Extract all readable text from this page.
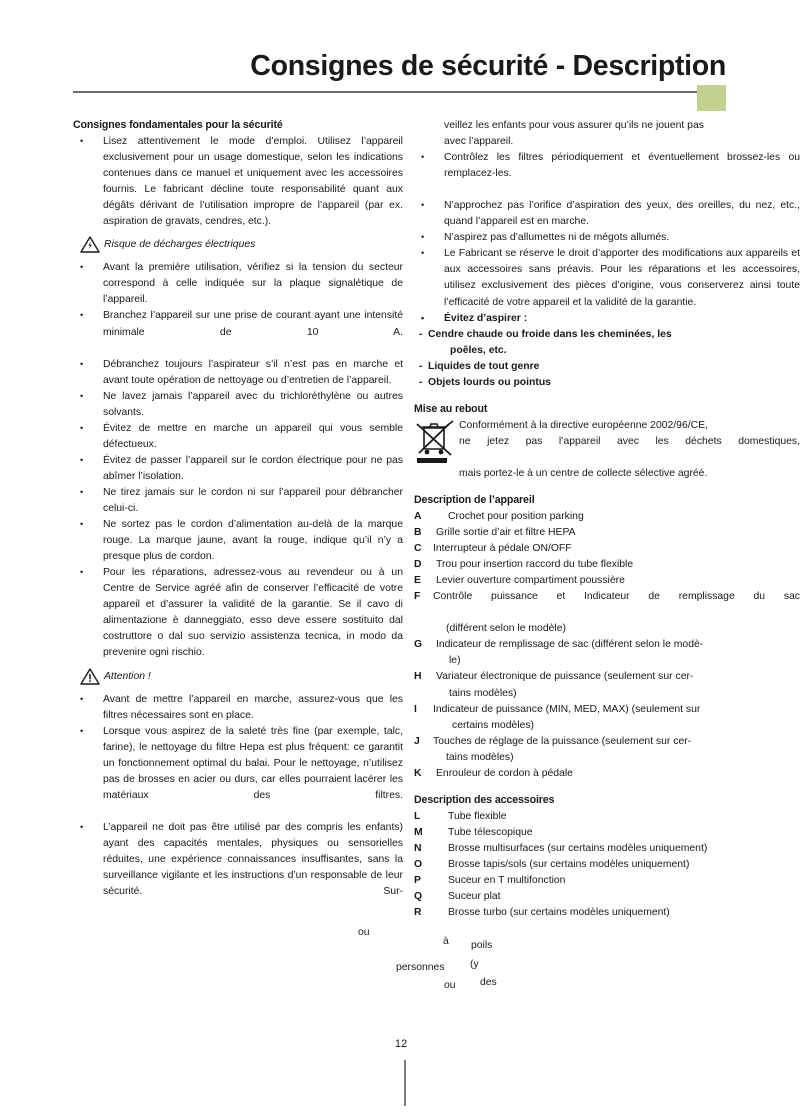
Consignes de sécurité - Description
Consignes fondamentales pour la sécurité
• Lisez attentivement le mode d’emploi. Utilisez l’appareil exclusivement pour un usage domestique, selon les indications contenues dans ce manuel et uniquement avec les accessoires fournis. Le fabricant décline toute responsabilité quant aux dégâts dérivant de l’utilisation impropre de l’appareil (par ex. aspiration de gravats, cendres, etc.).
Risque de décharges électriques
• Avant la première utilisation, vérifiez si la tension du secteur correspond à celle indiquée sur la plaque signalétique de l’appareil.
• Branchez l’appareil sur une prise de courant ayant une intensité minimale de 10 A.
• Débranchez toujours l’aspirateur s’il n’est pas en marche et avant toute opération de nettoyage ou d’entretien de l’appareil.
• Ne lavez jamais l’appareil avec du trichloréthylène ou autres solvants.
• Évitez de mettre en marche un appareil qui vous semble défectueux.
• Évitez de passer l’appareil sur le cordon électrique pour ne pas abîmer l’isolation.
• Ne tirez jamais sur le cordon ni sur l’appareil pour débrancher celui-ci.
• Ne sortez pas le cordon d’alimentation au-delà de la marque rouge. La marque jaune, avant la rouge, indique qu’il n’y a presque plus de cordon.
• Pour les réparations, adressez-vous au revendeur ou à un Centre de Service agréé afin de conserver l’efficacité de votre appareil et d’assurer la validité de la garantie. Se il cavo di alimentazione è danneggiato, esso deve essere sostituito dal costruttore o dal suo servizio assistenza tecnica, in modo da prevenire ogni rischio.
Attention !
• Avant de mettre l’appareil en marche, assurez-vous que les filtres nécessaires sont en place.
• Lorsque vous aspirez de la saleté très fine (par exemple, talc, farine), le nettoyage du filtre Hepa est plus fréquent: ce garantit un fonctionnement optimal du balai. Pour le nettoyage, n’utilisez pas de brosses en acier ou durs, car elles pourraient lacérer les matériaux des filtres.
• L’appareil ne doit pas être utilisé par des compris les enfants) ayant des capacités mentales, physiques ou sensorielles réduites, une expérience connaissances insuffisantes, sans la surveillance vigilante et les instructions d’un responsable de leur sécurité. Sur-
veillez les enfants pour vous assurer qu’ils ne jouent pas
avec l’appareil.
• Contrôlez les filtres périodiquement et éventuellement brossez-les ou remplacez-les.
• N’approchez pas l’orifice d’aspiration des yeux, des oreilles, du nez, etc., quand l’appareil est en marche.
• N’aspirez pas d’allumettes ni de mégots allumés.
• Le Fabricant se réserve le droit d’apporter des modifications aux appareils et aux accessoires sans préavis. Pour les réparations et les accessoires, utilisez exclusivement des pièces d’origine, vous conserverez ainsi toute l’efficacité de votre appareil et la validité de la garantie.
• Évitez d’aspirer :
- Cendre chaude ou froide dans les cheminées, les
poêles, etc.
- Liquides de tout genre
- Objets lourds ou pointus
Mise au rebout
Conformément à la directive européenne 2002/96/CE,
ne jetez pas l’appareil avec les déchets domestiques,
mais portez-le à un centre de collecte sélective agréé.
Description de l’appareil
A	Crochet pour position parking
B	Grille sortie d’air et filtre HEPA
C	Interrupteur à pédale ON/OFF
D	Trou pour insertion raccord du tube flexible
E	Levier ouverture compartiment poussière
F	Contrôle puissance et Indicateur de remplissage du sac
(différent selon le modèle)
G	Indicateur de remplissage de sac (différent selon le modè-
le)
H	Variateur électronique de puissance (seulement sur cer-
tains modèles)
I	Indicateur de puissance (MIN, MED, MAX) (seulement sur
certains modèles)
J	Touches de réglage de la puissance (seulement sur cer-
tains modèles)
K	Enrouleur de cordon à pédale
Description des accessoires
L	Tube flexible
M	Tube télescopique
N	Brosse multisurfaces (sur certains modèles uniquement)
O	Brosse tapis/sols (sur certains modèles uniquement)
P	Suceur en T multifonction
Q	Suceur plat
R	Brosse turbo (sur certains modèles uniquement)
ou
à poils
personnes (y
ou des
12
